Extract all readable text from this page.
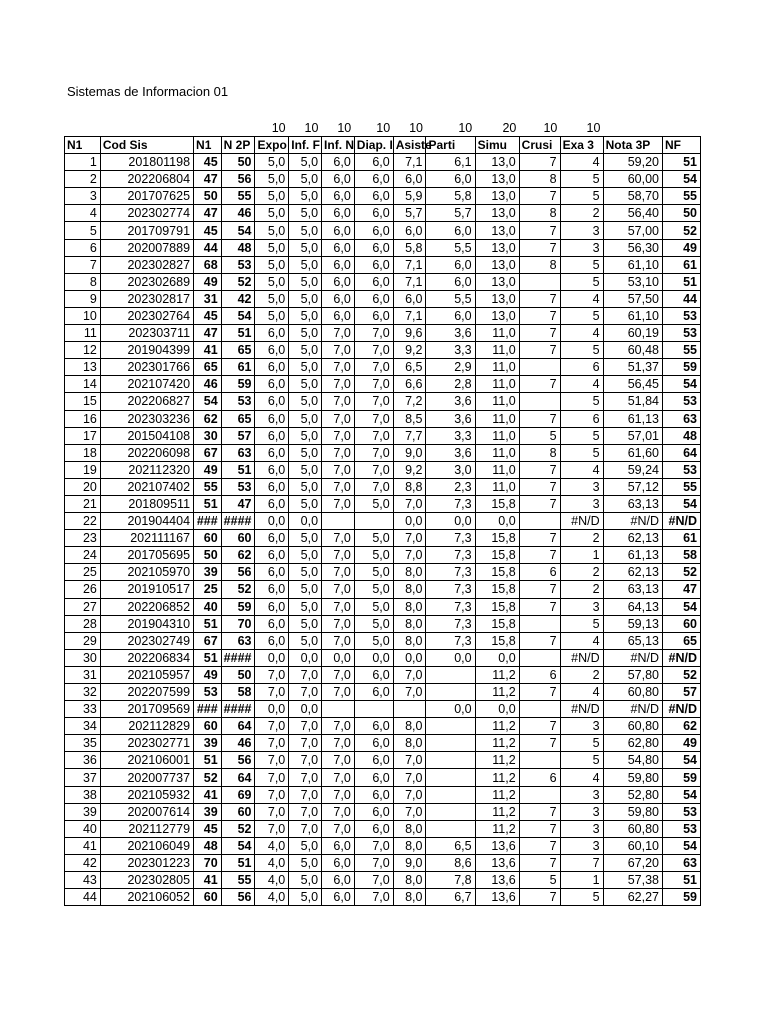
Sistemas de Informacion 01
				10	10	10	10	10	10	20	10	10		
N1	Cod Sis	N1	N 2P	Expo	Inf. F	Inf. N	Diap. I	Asiste	Parti	Simu	Crusi	Exa 3	Nota 3P	NF
1	201801198	45	50	5,0	5,0	6,0	6,0	7,1	6,1	13,0	7	4	59,20	51
2	202206804	47	56	5,0	5,0	6,0	6,0	6,0	6,0	13,0	8	5	60,00	54
3	201707625	50	55	5,0	5,0	6,0	6,0	5,9	5,8	13,0	7	5	58,70	55
4	202302774	47	46	5,0	5,0	6,0	6,0	5,7	5,7	13,0	8	2	56,40	50
5	201709791	45	54	5,0	5,0	6,0	6,0	6,0	6,0	13,0	7	3	57,00	52
6	202007889	44	48	5,0	5,0	6,0	6,0	5,8	5,5	13,0	7	3	56,30	49
7	202302827	68	53	5,0	5,0	6,0	6,0	7,1	6,0	13,0	8	5	61,10	61
8	202302689	49	52	5,0	5,0	6,0	6,0	7,1	6,0	13,0		5	53,10	51
9	202302817	31	42	5,0	5,0	6,0	6,0	6,0	5,5	13,0	7	4	57,50	44
10	202302764	45	54	5,0	5,0	6,0	6,0	7,1	6,0	13,0	7	5	61,10	53
11	202303711	47	51	6,0	5,0	7,0	7,0	9,6	3,6	11,0	7	4	60,19	53
12	201904399	41	65	6,0	5,0	7,0	7,0	9,2	3,3	11,0	7	5	60,48	55
13	202301766	65	61	6,0	5,0	7,0	7,0	6,5	2,9	11,0		6	51,37	59
14	202107420	46	59	6,0	5,0	7,0	7,0	6,6	2,8	11,0	7	4	56,45	54
15	202206827	54	53	6,0	5,0	7,0	7,0	7,2	3,6	11,0		5	51,84	53
16	202303236	62	65	6,0	5,0	7,0	7,0	8,5	3,6	11,0	7	6	61,13	63
17	201504108	30	57	6,0	5,0	7,0	7,0	7,7	3,3	11,0	5	5	57,01	48
18	202206098	67	63	6,0	5,0	7,0	7,0	9,0	3,6	11,0	8	5	61,60	64
19	202112320	49	51	6,0	5,0	7,0	7,0	9,2	3,0	11,0	7	4	59,24	53
20	202107402	55	53	6,0	5,0	7,0	7,0	8,8	2,3	11,0	7	3	57,12	55
21	201809511	51	47	6,0	5,0	7,0	5,0	7,0	7,3	15,8	7	3	63,13	54
22	201904404	###	####	0,0	0,0			0,0	0,0	0,0		#N/D	#N/D	#N/D
23	202111167	60	60	6,0	5,0	7,0	5,0	7,0	7,3	15,8	7	2	62,13	61
24	201705695	50	62	6,0	5,0	7,0	5,0	7,0	7,3	15,8	7	1	61,13	58
25	202105970	39	56	6,0	5,0	7,0	5,0	8,0	7,3	15,8	6	2	62,13	52
26	201910517	25	52	6,0	5,0	7,0	5,0	8,0	7,3	15,8	7	2	63,13	47
27	202206852	40	59	6,0	5,0	7,0	5,0	8,0	7,3	15,8	7	3	64,13	54
28	201904310	51	70	6,0	5,0	7,0	5,0	8,0	7,3	15,8		5	59,13	60
29	202302749	67	63	6,0	5,0	7,0	5,0	8,0	7,3	15,8	7	4	65,13	65
30	202206834	51	####	0,0	0,0	0,0	0,0	0,0	0,0	0,0		#N/D	#N/D	#N/D
31	202105957	49	50	7,0	7,0	7,0	6,0	7,0		11,2	6	2	57,80	52
32	202207599	53	58	7,0	7,0	7,0	6,0	7,0		11,2	7	4	60,80	57
33	201709569	###	####	0,0	0,0				0,0	0,0		#N/D	#N/D	#N/D
34	202112829	60	64	7,0	7,0	7,0	6,0	8,0		11,2	7	3	60,80	62
35	202302771	39	46	7,0	7,0	7,0	6,0	8,0		11,2	7	5	62,80	49
36	202106001	51	56	7,0	7,0	7,0	6,0	7,0		11,2		5	54,80	54
37	202007737	52	64	7,0	7,0	7,0	6,0	7,0		11,2	6	4	59,80	59
38	202105932	41	69	7,0	7,0	7,0	6,0	7,0		11,2		3	52,80	54
39	202007614	39	60	7,0	7,0	7,0	6,0	7,0		11,2	7	3	59,80	53
40	202112779	45	52	7,0	7,0	7,0	6,0	8,0		11,2	7	3	60,80	53
41	202106049	48	54	4,0	5,0	6,0	7,0	8,0	6,5	13,6	7	3	60,10	54
42	202301223	70	51	4,0	5,0	6,0	7,0	9,0	8,6	13,6	7	7	67,20	63
43	202302805	41	55	4,0	5,0	6,0	7,0	8,0	7,8	13,6	5	1	57,38	51
44	202106052	60	56	4,0	5,0	6,0	7,0	8,0	6,7	13,6	7	5	62,27	59
